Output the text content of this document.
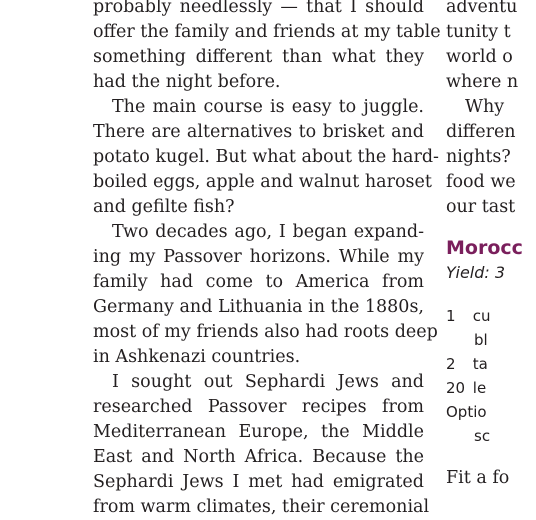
probably needlessly — that I should
offer the family and friends at my table
something different than what they
had the night before.
The main course is easy to juggle.
There are alternatives to brisket and
potato kugel. But what about the hard-
boiled eggs, apple and walnut haroset
and gefilte fish?
Two decades ago, I began expand-
ing my Passover horizons. While my
family had come to America from
Germany and Lithuania in the 1880s,
most of my friends also had roots deep
in Ashkenazi countries.
I sought out Sephardi Jews and
researched Passover recipes from
Mediterranean Europe, the Middle
East and North Africa. Because the
Sephardi Jews I met had emigrated
from warm climates, their ceremonial
adventu
tunity t
world o
where n
Why
differen
nights?
food we
our tast
Morocc
Yield: 3
1 cu
bl
2 ta
20 le
Optio
sc
Fit a fo
